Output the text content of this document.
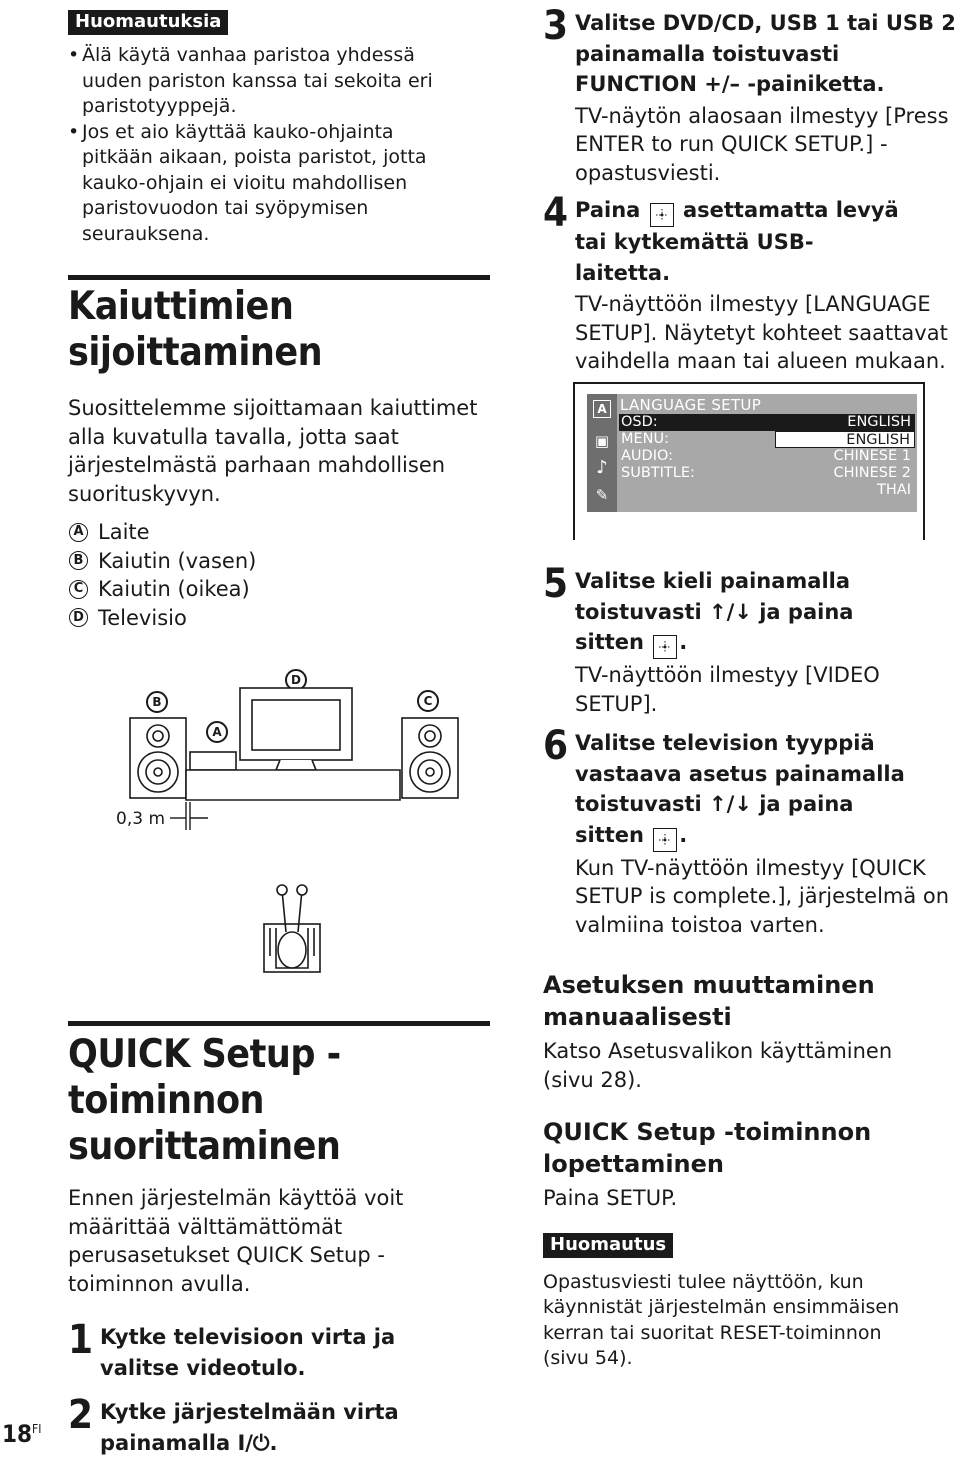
Huomautuksia
• Älä käytä vanhaa paristoa yhdessä uuden pariston kanssa tai sekoita eri paristotyyppejä.
• Jos et aio käyttää kauko-ohjainta pitkään aikaan, poista paristot, jotta kauko-ohjain ei vioitu mahdollisen paristovuodon tai syöpymisen seurauksena.
Kaiuttimien sijoittaminen

Suosittelemme sijoittamaan kaiuttimet alla kuvatulla tavalla, jotta saat järjestelmästä parhaan mahdollisen suorituskyvyn.

A Laite
B Kaiutin (vasen)
C Kaiutin (oikea)
D Televisio
B
A
D
C
0,3 m
QUICK Setup -toiminnon suorittaminen

Ennen järjestelmän käyttöä voit määrittää välttämättömät perusasetukset QUICK Setup -toiminnon avulla.

1 Kytke televisioon virta ja valitse videotulo.

2 Kytke järjestelmään virta painamalla I/⏻.

$18^{FI}$
3 Valitse DVD/CD, USB 1 tai USB 2 painamalla toistuvasti FUNCTION +/– -painiketta.

TV-näytön alaosaan ilmestyy [Press ENTER to run QUICK SETUP.] -opastusviesti.

4 Paina asettamatta levyä tai kytkemättä USB-laitetta.

TV-näyttöön ilmestyy [LANGUAGE SETUP]. Näytetyt kohteet saattavat vaihdella maan tai alueen mukaan.

A
▣
♪
✎
LANGUAGE SETUP
OSD:	ENGLISH
MENU:
AUDIO:
SUBTITLE:
ENGLISH
CHINESE 1
CHINESE 2
THAI
5 Valitse kieli painamalla toistuvasti ↑/↓ ja paina sitten .

TV-näyttöön ilmestyy [VIDEO SETUP].

6 Valitse television tyyppiä vastaava asetus painamalla toistuvasti ↑/↓ ja paina sitten .

Kun TV-näyttöön ilmestyy [QUICK SETUP is complete.], järjestelmä on valmiina toistoa varten.

Asetuksen muuttaminen manuaalisesti

Katso Asetusvalikon käyttäminen (sivu 28).

QUICK Setup -toiminnon lopettaminen

Paina SETUP.

Huomautus

Opastusviesti tulee näyttöön, kun käynnistät järjestelmän ensimmäisen kerran tai suoritat RESET-toiminnon (sivu 54).
